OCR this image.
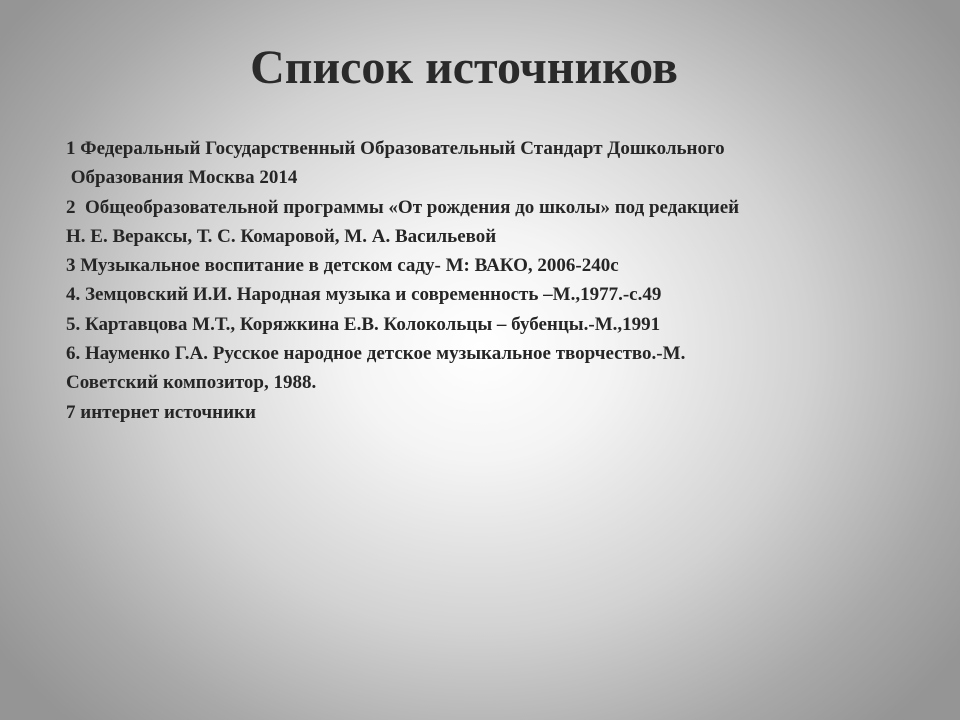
Список источников
1 Федеральный Государственный Образовательный Стандарт Дошкольного
Образования Москва 2014
2  Общеобразовательной программы «От рождения до школы» под редакцией
Н. Е. Вераксы, Т. С. Комаровой, М. А. Васильевой
3 Музыкальное воспитание в детском саду- М: ВАКО, 2006-240с
4. Земцовский И.И. Народная музыка и современность –М.,1977.-с.49
5. Картавцова М.Т., Коряжкина Е.В. Колокольцы – бубенцы.-М.,1991
6. Науменко Г.А. Русское народное детское музыкальное творчество.-М.
Советский композитор, 1988.
7 интернет источники
